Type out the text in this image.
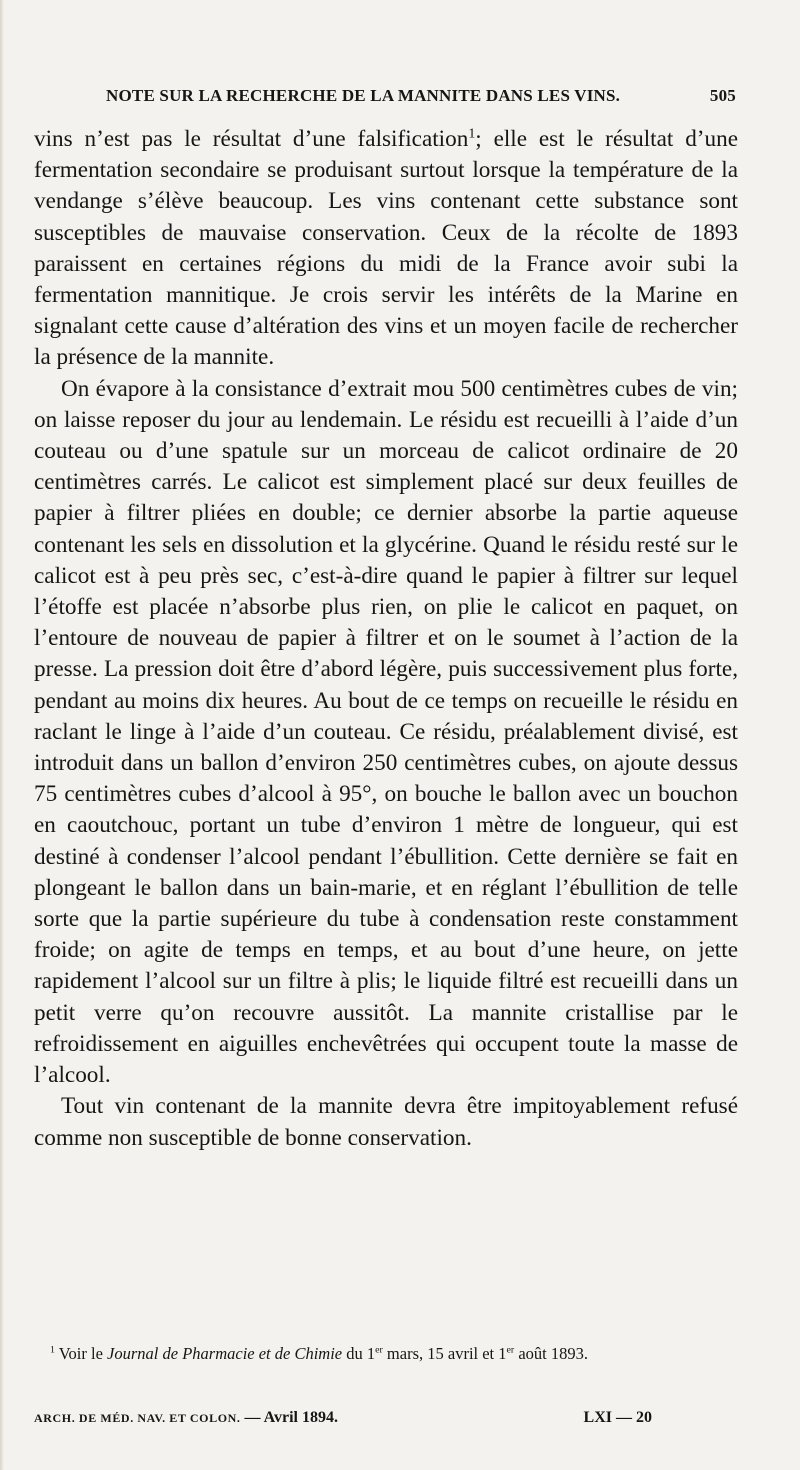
NOTE SUR LA RECHERCHE DE LA MANNITE DANS LES VINS.	505

vins n’est pas le résultat d’une falsification$^1$; elle est le résultat d’une fermentation secondaire se produisant surtout lorsque la température de la vendange s’élève beaucoup. Les vins contenant cette substance sont susceptibles de mauvaise conservation. Ceux de la récolte de 1893 paraissent en certaines régions du midi de la France avoir subi la fermentation mannitique. Je crois servir les intérêts de la Marine en signalant cette cause d’altération des vins et un moyen facile de rechercher la présence de la mannite.

On évapore à la consistance d’extrait mou 500 centimètres cubes de vin; on laisse reposer du jour au lendemain. Le résidu est recueilli à l’aide d’un couteau ou d’une spatule sur un morceau de calicot ordinaire de 20 centimètres carrés. Le calicot est simplement placé sur deux feuilles de papier à filtrer pliées en double; ce dernier absorbe la partie aqueuse contenant les sels en dissolution et la glycérine. Quand le résidu resté sur le calicot est à peu près sec, c’est-à-dire quand le papier à filtrer sur lequel l’étoffe est placée n’absorbe plus rien, on plie le calicot en paquet, on l’entoure de nouveau de papier à filtrer et on le soumet à l’action de la presse. La pression doit être d’abord légère, puis successivement plus forte, pendant au moins dix heures. Au bout de ce temps on recueille le résidu en raclant le linge à l’aide d’un couteau. Ce résidu, préalablement divisé, est introduit dans un ballon d’environ 250 centimètres cubes, on ajoute dessus 75 centimètres cubes d’alcool à 95°, on bouche le ballon avec un bouchon en caoutchouc, portant un tube d’environ 1 mètre de longueur, qui est destiné à condenser l’alcool pendant l’ébullition. Cette dernière se fait en plongeant le ballon dans un bain-marie, et en réglant l’ébullition de telle sorte que la partie supérieure du tube à condensation reste constamment froide; on agite de temps en temps, et au bout d’une heure, on jette rapidement l’alcool sur un filtre à plis; le liquide filtré est recueilli dans un petit verre qu’on recouvre aussitôt. La mannite cristallise par le refroidissement en aiguilles enchevêtrées qui occupent toute la masse de l’alcool.

Tout vin contenant de la mannite devra être impitoyablement refusé comme non susceptible de bonne conservation.

$^1$ Voir le Journal de Pharmacie et de Chimie du 1er mars, 15 avril et 1er août 1893.
ARCH. DE MÉD. NAV. ET COLON. — Avril 1894.	LXI — 20
